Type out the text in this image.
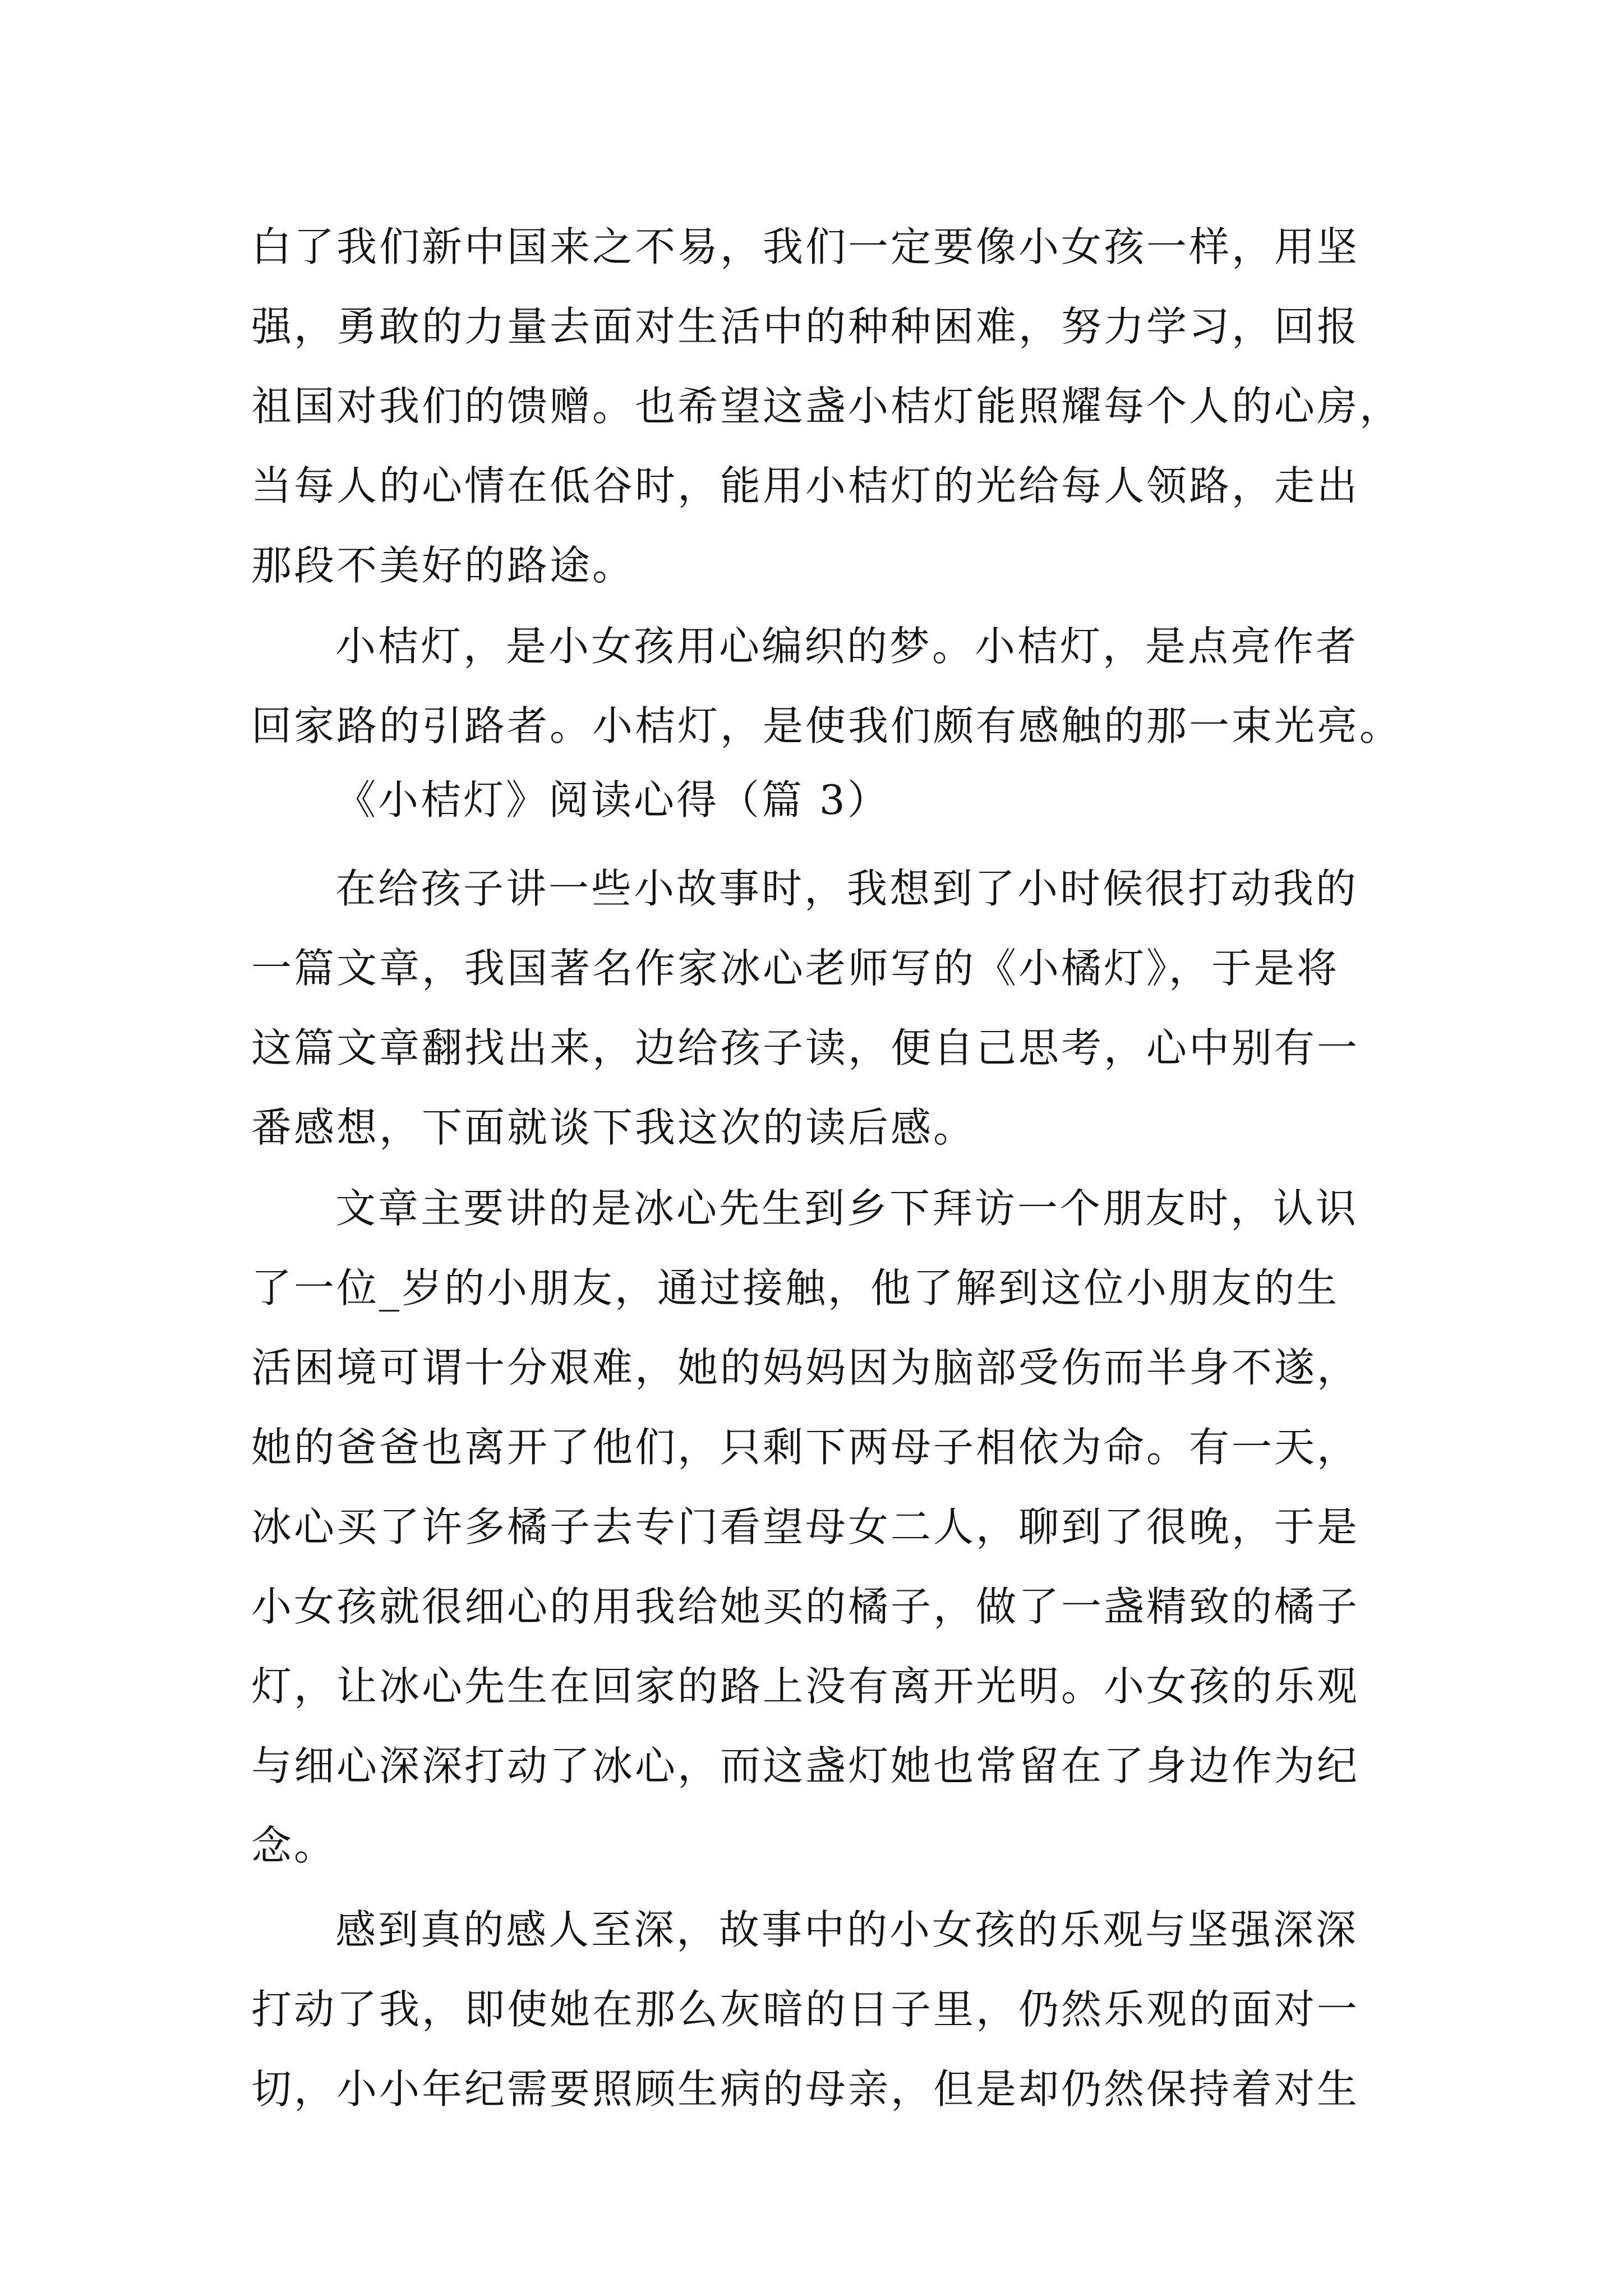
白了我们新中国来之不易，我们一定要像小女孩一样，用坚
强，勇敢的力量去面对生活中的种种困难，努力学习，回报
祖国对我们的馈赠。也希望这盏小桔灯能照耀每个人的心房，
当每人的心情在低谷时，能用小桔灯的光给每人领路，走出
那段不美好的路途。
小桔灯，是小女孩用心编织的梦。小桔灯，是点亮作者
回家路的引路者。小桔灯，是使我们颇有感触的那一束光亮。
《小桔灯》阅读心得（篇 3）
在给孩子讲一些小故事时，我想到了小时候很打动我的
一篇文章，我国著名作家冰心老师写的《小橘灯》，于是将
这篇文章翻找出来，边给孩子读，便自己思考，心中别有一
番感想，下面就谈下我这次的读后感。
文章主要讲的是冰心先生到乡下拜访一个朋友时，认识
了一位_岁的小朋友，通过接触，他了解到这位小朋友的生
活困境可谓十分艰难，她的妈妈因为脑部受伤而半身不遂，
她的爸爸也离开了他们，只剩下两母子相依为命。有一天，
冰心买了许多橘子去专门看望母女二人，聊到了很晚，于是
小女孩就很细心的用我给她买的橘子，做了一盏精致的橘子
灯，让冰心先生在回家的路上没有离开光明。小女孩的乐观
与细心深深打动了冰心，而这盏灯她也常留在了身边作为纪
念。
感到真的感人至深，故事中的小女孩的乐观与坚强深深
打动了我，即使她在那么灰暗的日子里，仍然乐观的面对一
切，小小年纪需要照顾生病的母亲，但是却仍然保持着对生
